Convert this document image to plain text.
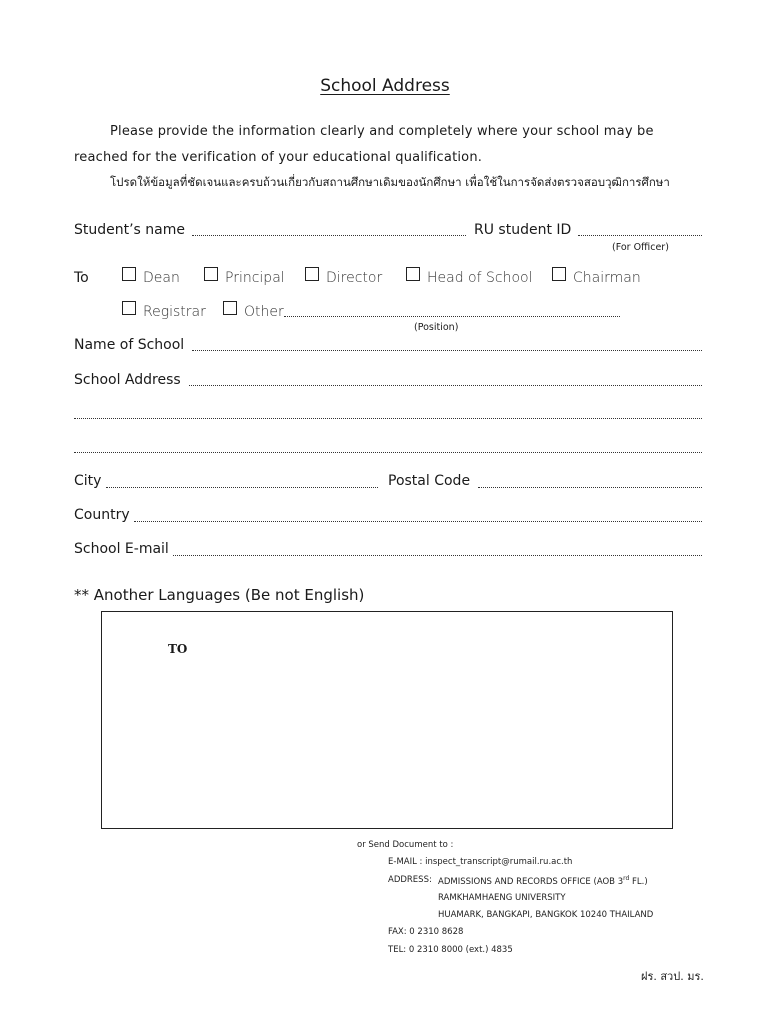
School Address
Please provide the information clearly and completely where your school may be
reached for the verification of your educational qualification.
โปรดให้ข้อมูลที่ชัดเจนและครบถ้วนเกี่ยวกับสถานศึกษาเดิมของนักศึกษา เพื่อใช้ในการจัดส่งตรวจสอบวุฒิการศึกษา
Student’s name	RU student ID
(For Officer)
To	Dean	Principal	Director	Head of School	Chairman
Registrar	Other
(Position)
Name of School
School Address
City	Postal Code
Country
School E-mail
** Another Languages (Be not English)
TO
or Send Document to :
E-MAIL : inspect_transcript@rumail.ru.ac.th
ADDRESS: ADMISSIONS AND RECORDS OFFICE (AOB 3rd FL.)
RAMKHAMHAENG UNIVERSITY
HUAMARK, BANGKAPI, BANGKOK 10240 THAILAND
FAX: 0 2310 8628
TEL: 0 2310 8000 (ext.) 4835
ฝร. สวป. มร.
